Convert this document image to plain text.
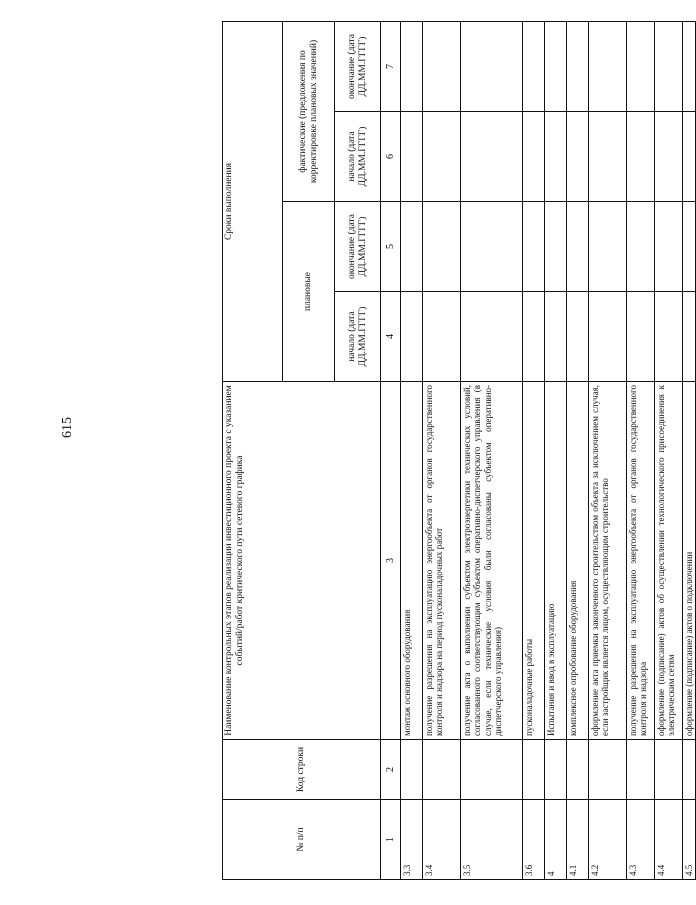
615
№ п/п	Код строки	Наименование контрольных этапов реализации инвестиционного проекта с указанием событий/работ критического пути сетевого графика	Сроки выполнения			
			плановые		фактические (предложения по корректировке плановых значений)	
			начало (дата ДД.ММ.ГГГГ)	окончание (дата ДД.ММ.ГГГГ)	начало (дата ДД.ММ.ГГГГ)	окончание (дата ДД.ММ.ГГГГ)
1	2	3	4	5	6	7
3.3		монтаж основного оборудования				
3.4		получение разрешения на эксплуатацию энергообъекта от органов государственного контроля и надзора на период пусконаладочных работ				
3.5		получение акта о выполнении субъектом электроэнергетики технических условий, согласованного соответствующим субъектом оперативно-диспетчерского управления (в случае, если технические условия были согласованы субъектом оперативно-диспетчерского управления)				
3.6		пусконаладочные работы				
4		Испытания и ввод в эксплуатацию				
4.1		комплексное опробование оборудования				
4.2		оформление акта приемки законченного строительством объекта за исключением случая, если застройщик является лицом, осуществляющим строительство				
4.3		получение разрешения на эксплуатацию энергообъекта от органов государственного контроля и надзора				
4.4		оформление (подписание) актов об осуществлении технологического присоединения к электрическим сетям				
4.5		оформление (подписание) актов о подключении				
